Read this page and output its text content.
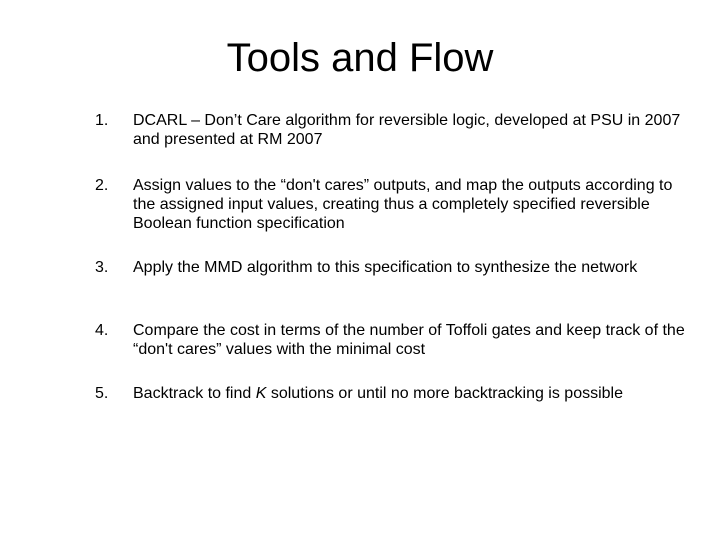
Tools and Flow
1.	DCARL – Don’t Care algorithm for reversible logic, developed at PSU in 2007 and presented at RM 2007
2.	Assign values to the “don't cares” outputs, and map the outputs according to the assigned input values, creating thus a completely specified reversible Boolean function specification
3.	Apply the MMD algorithm to this specification to synthesize the network
4.	Compare the cost in terms of the number of Toffoli gates and keep track of the “don't cares” values with the minimal cost
5.	Backtrack to find K solutions or until no more backtracking is possible
